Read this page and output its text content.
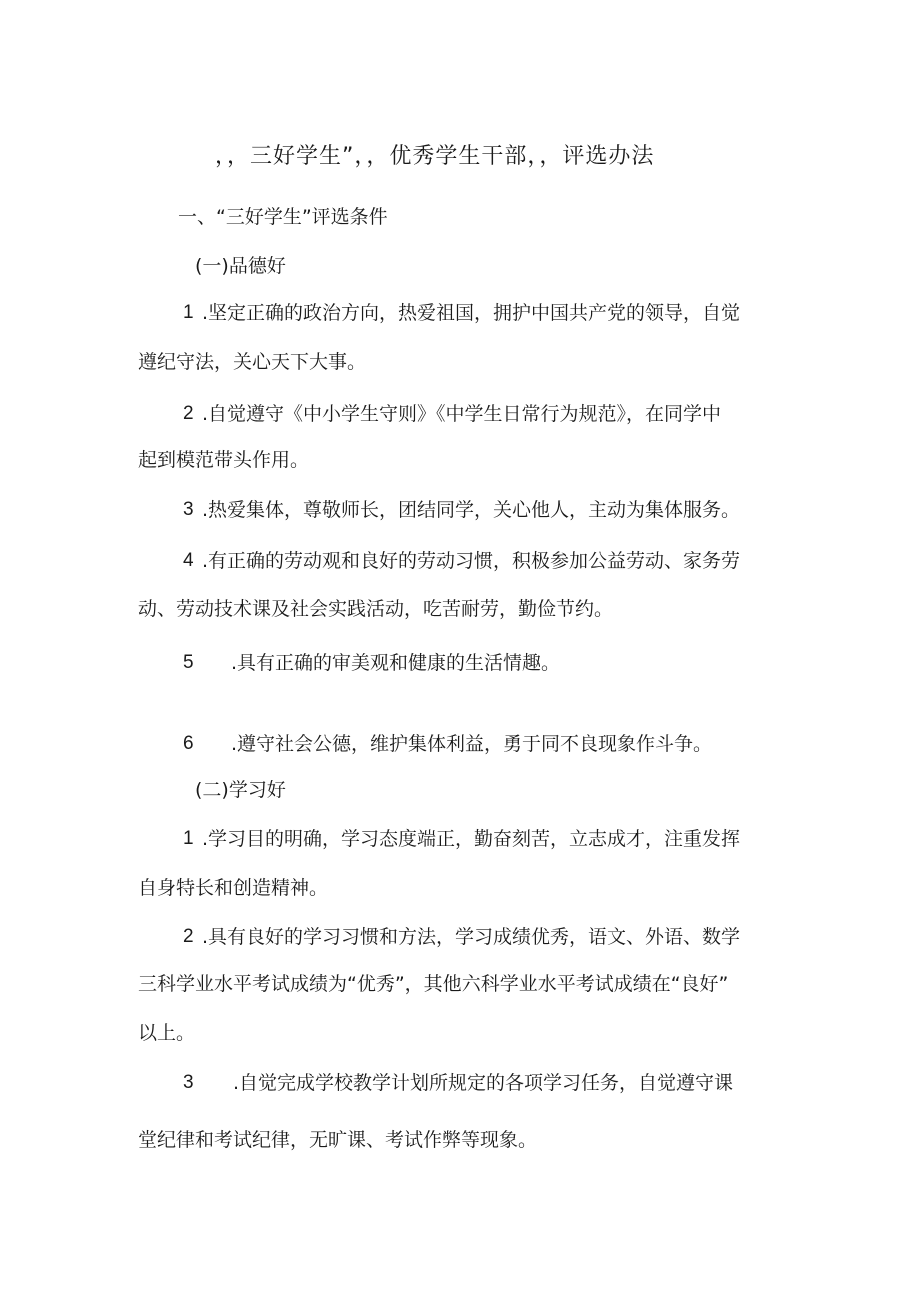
，，三好学生”，，优秀学生干部，，评选办法
一、“三好学生”评选条件
(一)品德好
1 .坚定正确的政治方向，热爱祖国，拥护中国共产党的领导，自觉
遵纪守法，关心天下大事。
2 .自觉遵守《中小学生守则》《中学生日常行为规范》，在同学中
起到模范带头作用。
3 .热爱集体，尊敬师长，团结同学，关心他人，主动为集体服务。
4 .有正确的劳动观和良好的劳动习惯，积极参加公益劳动、家务劳
动、劳动技术课及社会实践活动，吃苦耐劳，勤俭节约。
5 .具有正确的审美观和健康的生活情趣。
6 .遵守社会公德，维护集体利益，勇于同不良现象作斗争。
(二)学习好
1 .学习目的明确，学习态度端正，勤奋刻苦，立志成才，注重发挥
自身特长和创造精神。
2 .具有良好的学习习惯和方法，学习成绩优秀，语文、外语、数学
三科学业水平考试成绩为“优秀”，其他六科学业水平考试成绩在“良好”
以上。
3 .自觉完成学校教学计划所规定的各项学习任务，自觉遵守课
堂纪律和考试纪律，无旷课、考试作弊等现象。
